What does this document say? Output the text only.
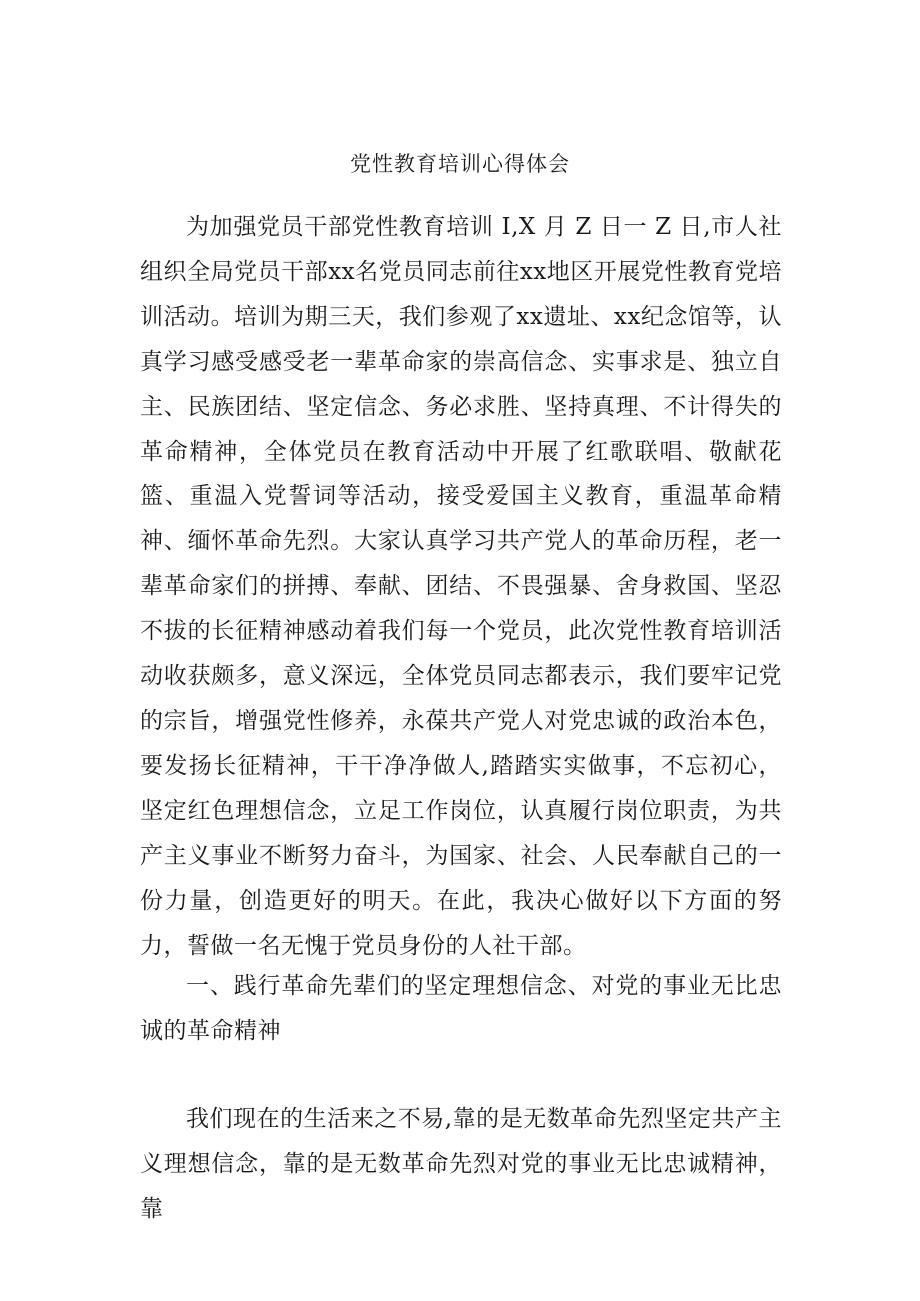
党性教育培训心得体会

为加强党员干部党性教育培训 I,X 月 Z 日一 Z 日,市人社组织全局党员干部xx名党员同志前往xx地区开展党性教育党培训活动。培训为期三天，我们参观了xx遗址、xx纪念馆等，认真学习感受感受老一辈革命家的崇高信念、实事求是、独立自主、民族团结、坚定信念、务必求胜、坚持真理、不计得失的革命精神，全体党员在教育活动中开展了红歌联唱、敬献花篮、重温入党誓词等活动，接受爱国主义教育，重温革命精神、缅怀革命先烈。大家认真学习共产党人的革命历程，老一辈革命家们的拼搏、奉献、团结、不畏强暴、舍身救国、坚忍不拔的长征精神感动着我们每一个党员，此次党性教育培训活动收获颇多，意义深远，全体党员同志都表示，我们要牢记党的宗旨，增强党性修养，永葆共产党人对党忠诚的政治本色，要发扬长征精神，干干净净做人,踏踏实实做事，不忘初心，坚定红色理想信念，立足工作岗位，认真履行岗位职责，为共产主义事业不断努力奋斗，为国家、社会、人民奉献自己的一份力量，创造更好的明天。在此，我决心做好以下方面的努力，誓做一名无愧于党员身份的人社干部。

一、践行革命先辈们的坚定理想信念、对党的事业无比忠诚的革命精神

我们现在的生活来之不易,靠的是无数革命先烈坚定共产主义理想信念，靠的是无数革命先烈对党的事业无比忠诚精神，靠
